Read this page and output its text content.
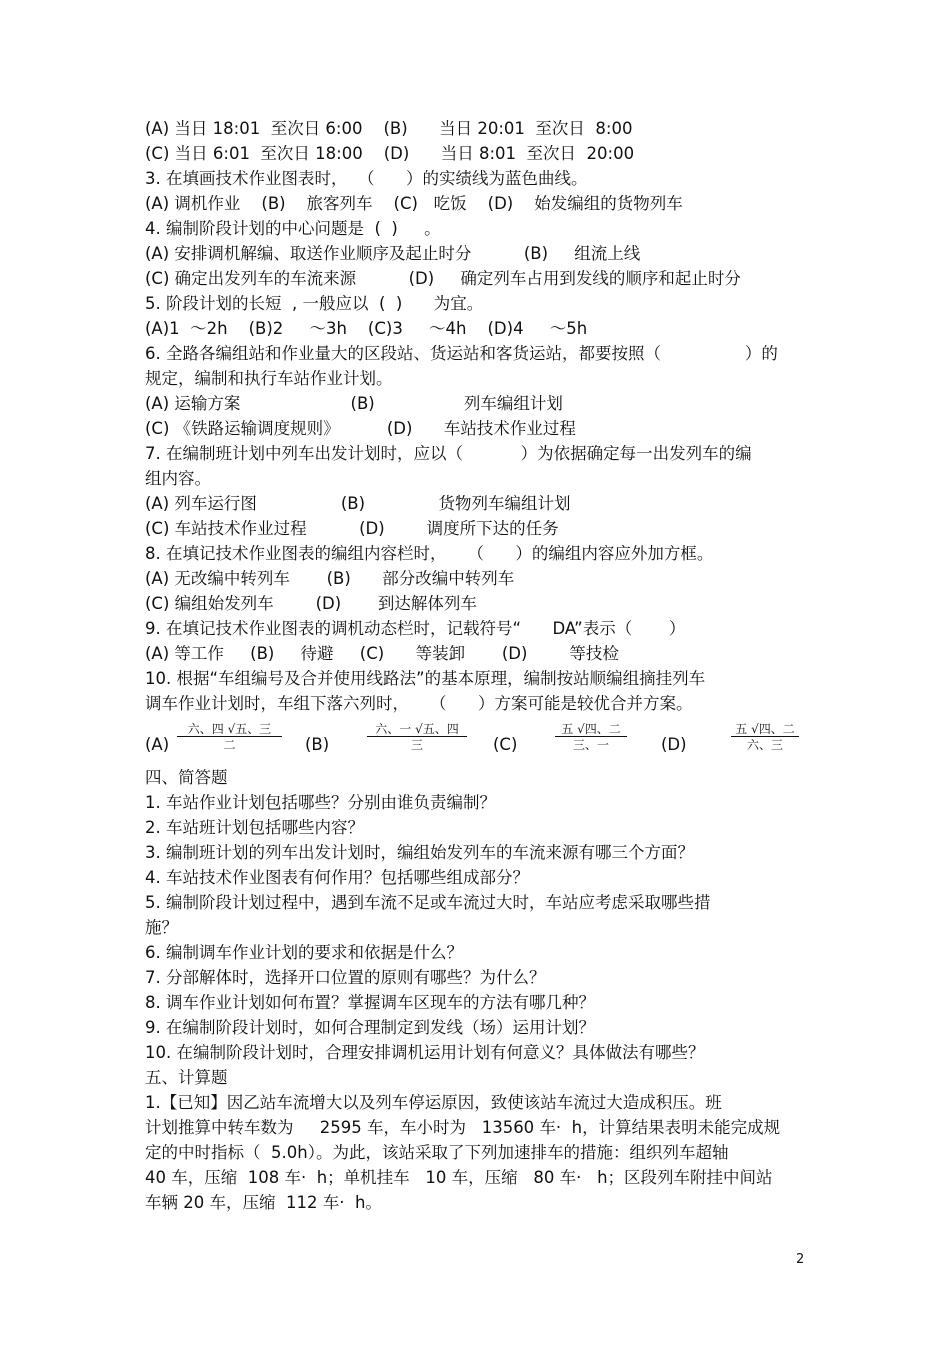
(A) 当日 18:01  至次日 6:00    (B)      当日 20:01  至次日  8:00
(C) 当日 6:01  至次日 18:00    (D)      当日 8:01  至次日  20:00
3. 在填画技术作业图表时，  （      ）的实绩线为蓝色曲线。
(A) 调机作业    (B)    旅客列车    (C)   吃饭    (D)    始发编组的货物列车
4. 编制阶段计划的中心问题是  (  )     。
(A) 安排调机解编、取送作业顺序及起止时分          (B)     组流上线
(C) 确定出发列车的车流来源          (D)     确定列车占用到发线的顺序和起止时分
5. 阶段计划的长短  , 一般应以  (  )      为宜。
(A)1  ～2h    (B)2     ～3h    (C)3     ～4h    (D)4     ～5h
6. 全路各编组站和作业量大的区段站、货运站和客货运站，都要按照（                ）的
规定，编制和执行车站作业计划。
(A) 运输方案                     (B)                 列车编组计划
(C) 《铁路运输调度规则》         (D)      车站技术作业过程
7. 在编制班计划中列车出发计划时，应以（           ）为依据确定每一出发列车的编
组内容。
(A) 列车运行图                (B)              货物列车编组计划
(C) 车站技术作业过程          (D)        调度所下达的任务
8. 在填记技术作业图表的编组内容栏时，    （      ）的编组内容应外加方框。
(A) 无改编中转列车       (B)      部分改编中转列车
(C) 编组始发列车        (D)       到达解体列车
9. 在填记技术作业图表的调机动态栏时，记载符号“      DA”表示（       ）
(A) 等工作     (B)     待避     (C)      等装卸       (D)        等技检
10. 根据“车组编号及合并使用线路法”的基本原理，编制按站顺编组摘挂列车
调车作业计划时，车组下落六列时，    （      ）方案可能是较优合并方案。
四、简答题
1. 车站作业计划包括哪些？分别由谁负责编制？
2. 车站班计划包括哪些内容？
3. 编制班计划的列车出发计划时，编组始发列车的车流来源有哪三个方面？
4. 车站技术作业图表有何作用？包括哪些组成部分？
5. 编制阶段计划过程中，遇到车流不足或车流过大时，车站应考虑采取哪些措
施？
6. 编制调车作业计划的要求和依据是什么？
7. 分部解体时，选择开口位置的原则有哪些？为什么？
8. 调车作业计划如何布置？掌握调车区现车的方法有哪几种？
9. 在编制阶段计划时，如何合理制定到发线（场）运用计划？
10. 在编制阶段计划时，合理安排调机运用计划有何意义？具体做法有哪些？
五、计算题
1.【已知】因乙站车流增大以及列车停运原因，致使该站车流过大造成积压。班
计划推算中转车数为     2595 车，车小时为   13560 车·  h，计算结果表明未能完成规
定的中时指标（  5.0h）。为此，该站采取了下列加速排车的措施：组织列车超轴
40 车，压缩  108 车·  h；单机挂车   10 车，压缩   80 车·   h；区段列车附挂中间站
车辆 20 车，压缩  112 车·  h。
(A)
六、四 √五、三
二	(B)
六、一 √五、四
三	(C)
五 √四、二
三、一	(D)
五 √四、二
六、三
2
